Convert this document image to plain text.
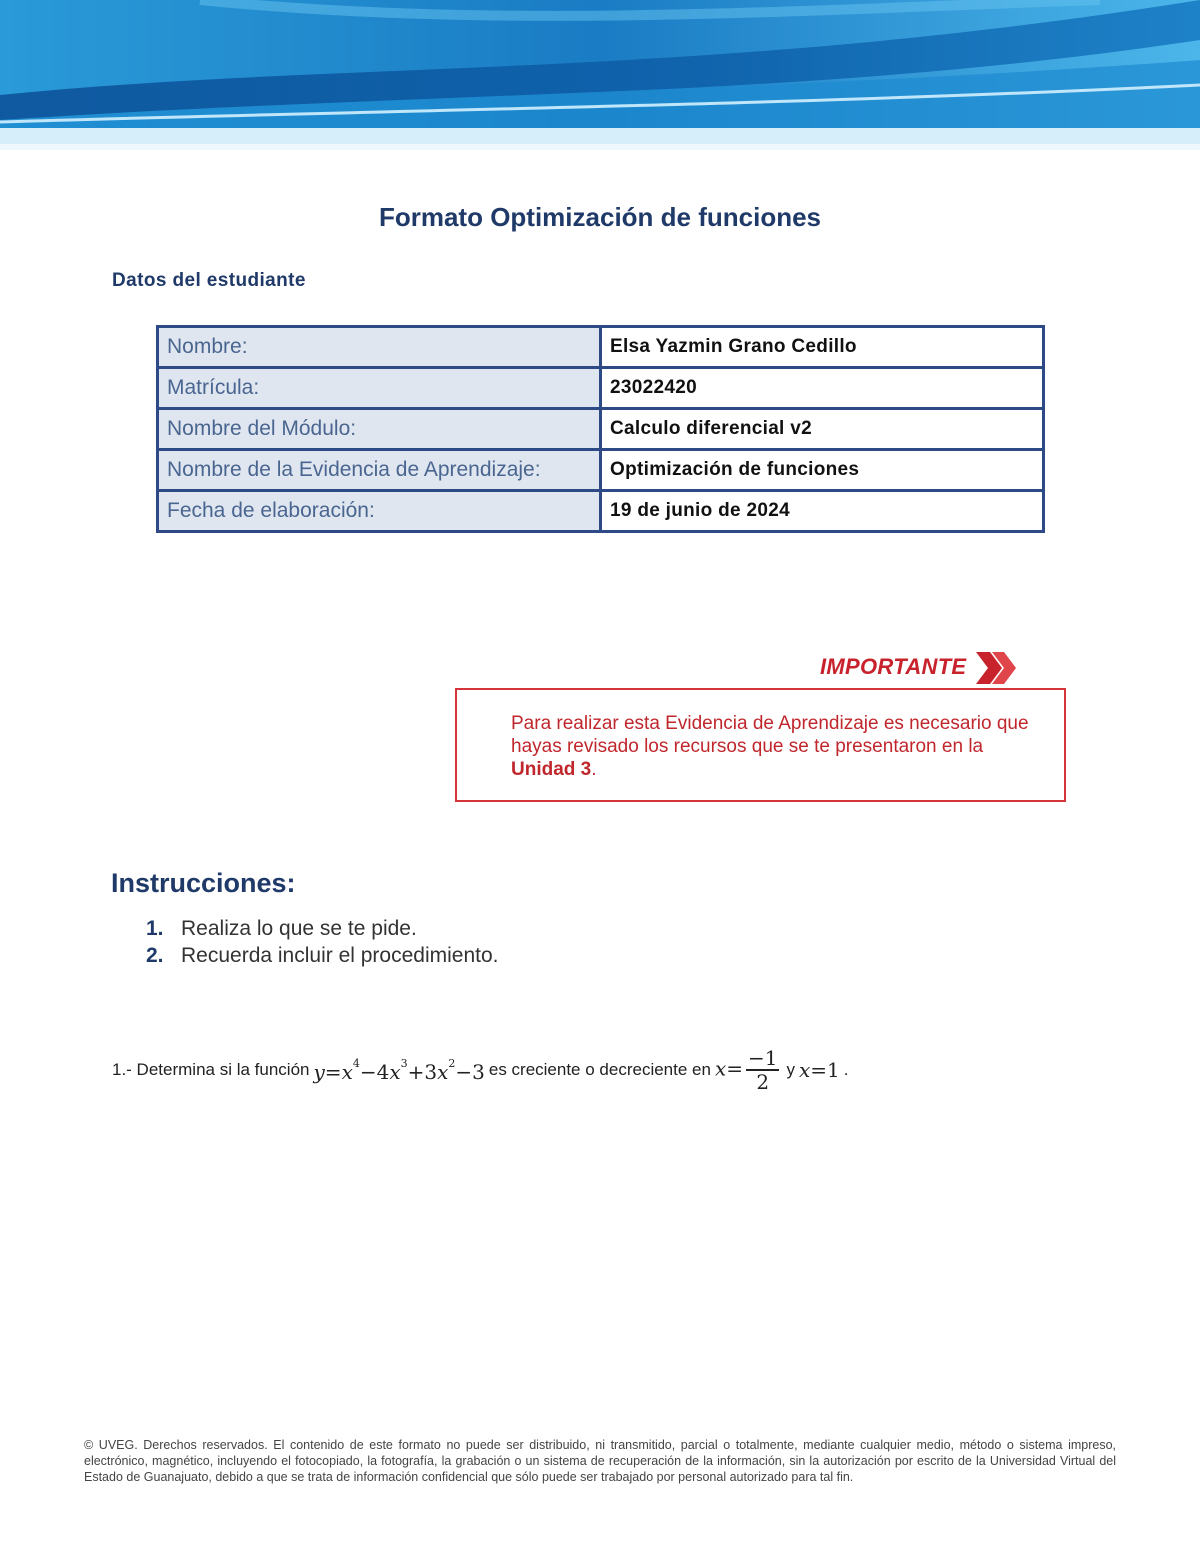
Formato Optimización de funciones
Datos del estudiante
Nombre:	Elsa Yazmin Grano Cedillo
Matrícula:	23022420
Nombre del Módulo:	Calculo diferencial v2
Nombre de la Evidencia de Aprendizaje:	Optimización de funciones
Fecha de elaboración:	19 de junio de 2024
IMPORTANTE
Para realizar esta Evidencia de Aprendizaje es necesario que hayas revisado los recursos que se te presentaron en la Unidad 3.
Instrucciones:
1. Realiza lo que se te pide.
2. Recuerda incluir el procedimiento.
1.- Determina si la función $y=x^4-4x^3+3x^2-3$ es creciente o decreciente en $x= \frac{-1}{2}$ y x=1 .
© UVEG. Derechos reservados. El contenido de este formato no puede ser distribuido, ni transmitido, parcial o totalmente, mediante cualquier medio, método o sistema impreso, electrónico, magnético, incluyendo el fotocopiado, la fotografía, la grabación o un sistema de recuperación de la información, sin la autorización por escrito de la Universidad Virtual del Estado de Guanajuato, debido a que se trata de información confidencial que sólo puede ser trabajado por personal autorizado para tal fin.
